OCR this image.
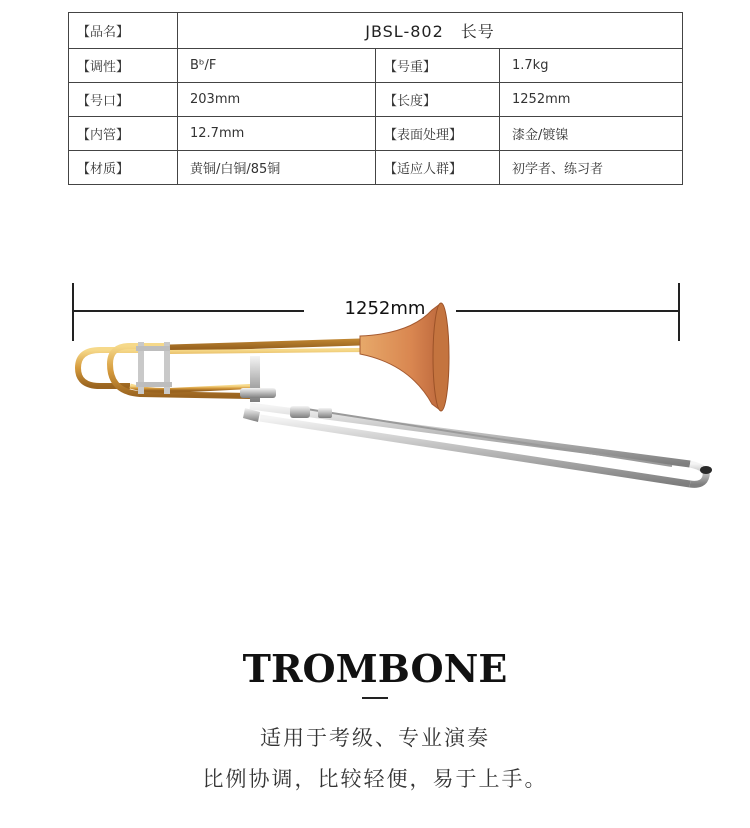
【品名】	JBSL-802　长号		
【调性】	Bᵇ/F	【号重】	1.7kg
【号口】	203mm	【长度】	1252mm
【内管】	12.7mm	【表面处理】	漆金/镀镍
【材质】	黄铜/白铜/85铜	【适应人群】	初学者、练习者
1252mm
TROMBONE
适用于考级、专业演奏
比例协调，比较轻便，易于上手。
